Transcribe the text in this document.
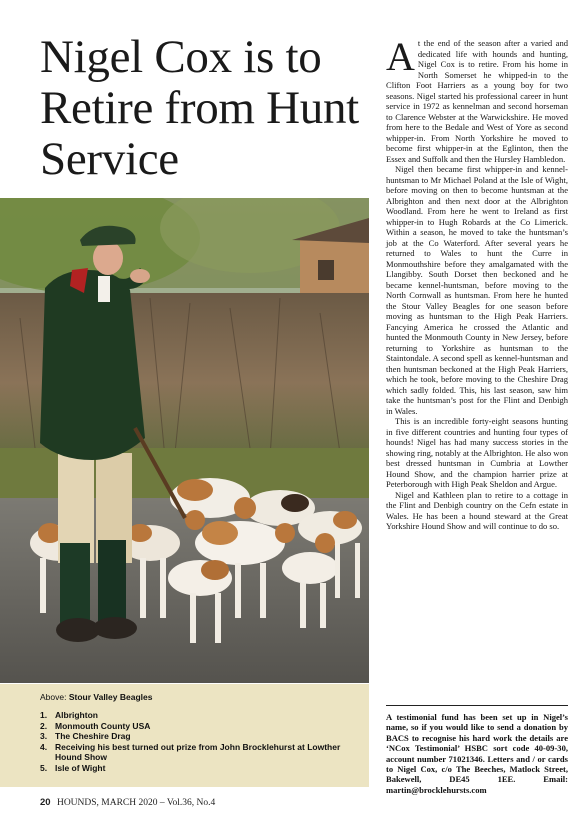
Nigel Cox is to Retire from Hunt Service

Above: Stour Valley Beagles

1. Albrighton
2. Monmouth County USA
3. The Cheshire Drag
4. Receiving his best turned out prize from John Brocklehurst at Lowther Hound Show
5. Isle of Wight

At the end of the season after a varied and dedicated life with hounds and hunting, Nigel Cox is to retire. From his home in North Somerset he whipped-in to the Clifton Foot Harriers as a young boy for two seasons. Nigel started his professional career in hunt service in 1972 as kennelman and second horseman to Clarence Webster at the Warwickshire. He moved from here to the Bedale and West of Yore as second whipper-in. From North Yorkshire he moved to become first whipper-in at the Eglinton, then the Essex and Suffolk and then the Hursley Hambledon.

Nigel then became first whipper-in and kennel-huntsman to Mr Michael Poland at the Isle of Wight, before moving on then to become huntsman at the Albrighton and then next door at the Albrighton Woodland. From here he went to Ireland as first whipper-in to Hugh Robards at the Co Limerick. Within a season, he moved to take the huntsman’s job at the Co Waterford. After several years he returned to Wales to hunt the Curre in Monmouthshire before they amalgamated with the Llangibby. South Dorset then beckoned and he became kennel-huntsman, before moving to the North Cornwall as huntsman. From here he hunted the Stour Valley Beagles for one season before moving as huntsman to the High Peak Harriers. Fancying America he crossed the Atlantic and hunted the Monmouth County in New Jersey, before returning to Yorkshire as huntsman to the Staintondale. A second spell as kennel-huntsman and then huntsman beckoned at the High Peak Harriers, which he took, before moving to the Cheshire Drag which sadly folded. This, his last season, saw him take the huntsman’s post for the Flint and Denbigh in Wales.

This is an incredible forty-eight seasons hunting in five different countries and hunting four types of hounds! Nigel has had many success stories in the showing ring, notably at the Albrighton. He also won best dressed huntsman in Cumbria at Lowther Hound Show, and the champion harrier prize at Peterborough with High Peak Sheldon and Argue.

Nigel and Kathleen plan to retire to a cottage in the Flint and Denbigh country on the Cefn estate in Wales. He has been a hound steward at the Great Yorkshire Hound Show and will continue to do so.

A testimonial fund has been set up in Nigel’s name, so if you would like to send a donation by BACS to recognise his hard work the details are ‘NCox Testimonial’ HSBC sort code 40-09-30, account number 71021346. Letters and / or cards to Nigel Cox, c/o The Beeches, Matlock Street, Bakewell, DE45 1EE. Email: martin@brocklehursts.com

20 HOUNDS, MARCH 2020 – Vol.36, No.4
